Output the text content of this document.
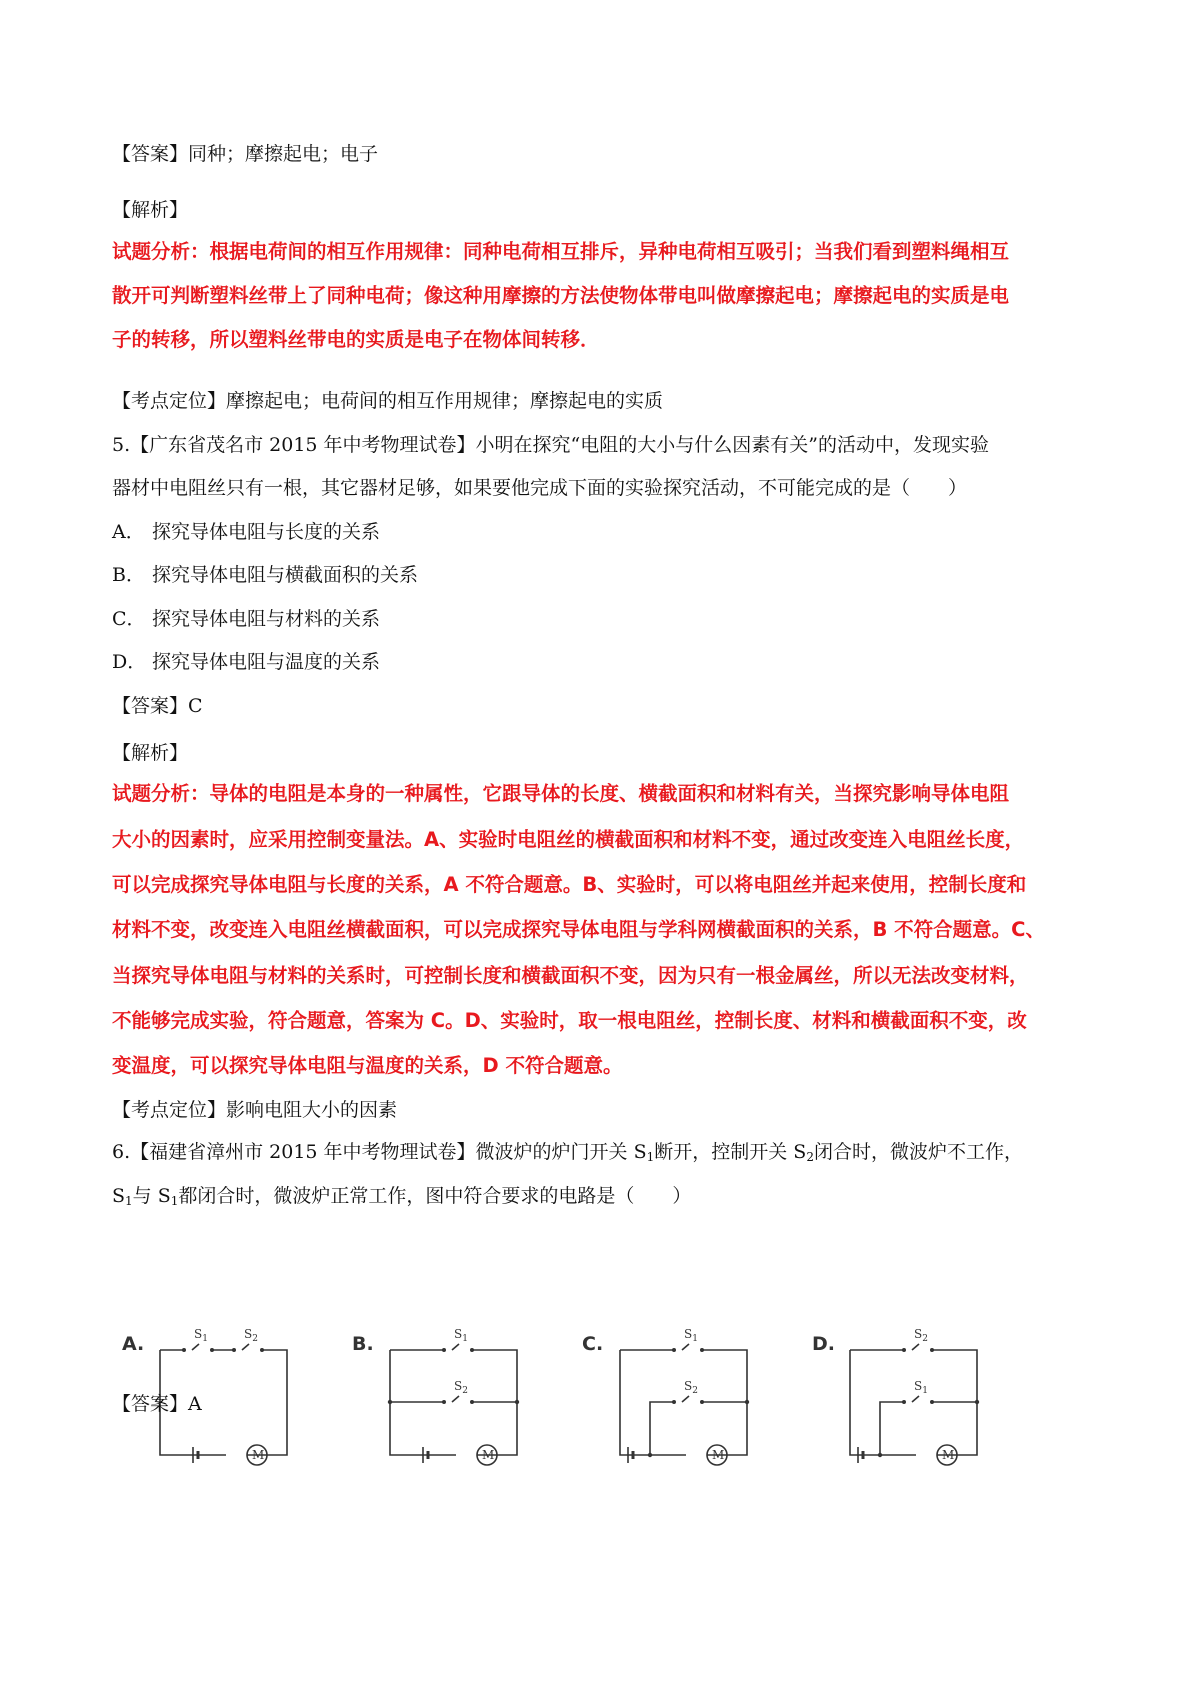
【答案】同种；摩擦起电；电子
【解析】
试题分析：根据电荷间的相互作用规律：同种电荷相互排斥，异种电荷相互吸引；当我们看到塑料绳相互
散开可判断塑料丝带上了同种电荷；像这种用摩擦的方法使物体带电叫做摩擦起电；摩擦起电的实质是电
子的转移，所以塑料丝带电的实质是电子在物体间转移．
【考点定位】摩擦起电；电荷间的相互作用规律；摩擦起电的实质
5.【广东省茂名市 2015 年中考物理试卷】小明在探究“电阻的大小与什么因素有关”的活动中，发现实验
器材中电阻丝只有一根，其它器材足够，如果要他完成下面的实验探究活动，不可能完成的是（　　）
A． 探究导体电阻与长度的关系
B． 探究导体电阻与横截面积的关系
C． 探究导体电阻与材料的关系
D． 探究导体电阻与温度的关系
【答案】C
【解析】
试题分析：导体的电阻是本身的一种属性，它跟导体的长度、横截面积和材料有关，当探究影响导体电阻
大小的因素时，应采用控制变量法。A、实验时电阻丝的横截面积和材料不变，通过改变连入电阻丝长度，
可以完成探究导体电阻与长度的关系，A 不符合题意。B、实验时，可以将电阻丝并起来使用，控制长度和
材料不变，改变连入电阻丝横截面积，可以完成探究导体电阻与学科网横截面积的关系，B 不符合题意。C、
当探究导体电阻与材料的关系时，可控制长度和横截面积不变，因为只有一根金属丝，所以无法改变材料，
不能够完成实验，符合题意，答案为 C。D、实验时，取一根电阻丝，控制长度、材料和横截面积不变，改
变温度，可以探究导体电阻与温度的关系，D 不符合题意。
【考点定位】影响电阻大小的因素
6.【福建省漳州市 2015 年中考物理试卷】微波炉的炉门开关 $S_1$断开，控制开关 $S_2$闭合时，微波炉不工作，
$S_1$与 $S_1$都闭合时，微波炉正常工作，图中符合要求的电路是（　　）
A.	$S_1$	$S_2$
M
B.	$S_1$
$S_2$
M
C.	$S_1$
$S_2$
M
D.	$S_2$
$S_1$
M
【答案】A
